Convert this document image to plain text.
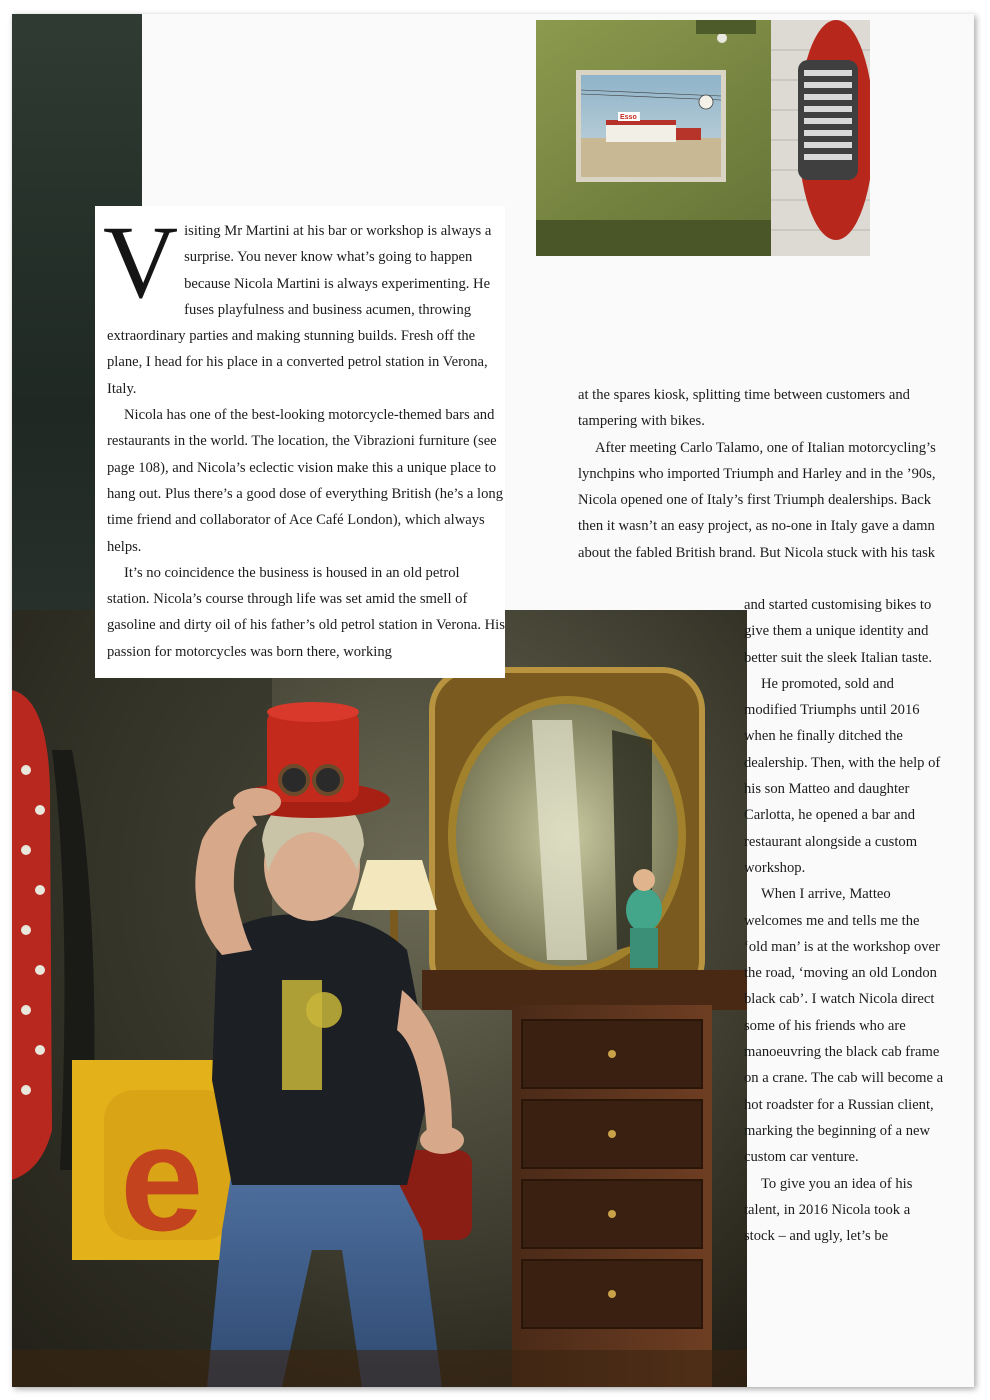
Esso
e

Visiting Mr Martini at his bar or workshop is always a surprise. You never know what’s going to happen because Nicola Martini is always experimenting. He fuses playfulness and business acumen, throwing extraordinary parties and making stunning builds. Fresh off the plane, I head for his place in a converted petrol station in Verona, Italy.

Nicola has one of the best-looking motorcycle-themed bars and restaurants in the world. The location, the Vibrazioni furniture (see page 108), and Nicola’s eclectic vision make this a unique place to hang out. Plus there’s a good dose of everything British (he’s a long time friend and collaborator of Ace Café London), which always helps.

It’s no coincidence the business is housed in an old petrol station. Nicola’s course through life was set amid the smell of gasoline and dirty oil of his father’s old petrol station in Verona. His passion for motorcycles was born there, working

at the spares kiosk, splitting time between customers and tampering with bikes.

After meeting Carlo Talamo, one of Italian motorcycling’s lynchpins who imported Triumph and Harley and in the ’90s, Nicola opened one of Italy’s first Triumph dealerships. Back then it wasn’t an easy project, as no-one in Italy gave a damn about the fabled British brand. But Nicola stuck with his task

and started customising bikes to give them a unique identity and better suit the sleek Italian taste.

He promoted, sold and modified Triumphs until 2016 when he finally ditched the dealership. Then, with the help of his son Matteo and daughter Carlotta, he opened a bar and restaurant alongside a custom workshop.

When I arrive, Matteo welcomes me and tells me the ‘old man’ is at the workshop over the road, ‘moving an old London black cab’. I watch Nicola direct some of his friends who are manoeuvring the black cab frame on a crane. The cab will become a hot roadster for a Russian client, marking the beginning of a new custom car venture.

To give you an idea of his talent, in 2016 Nicola took a stock – and ugly, let’s be
